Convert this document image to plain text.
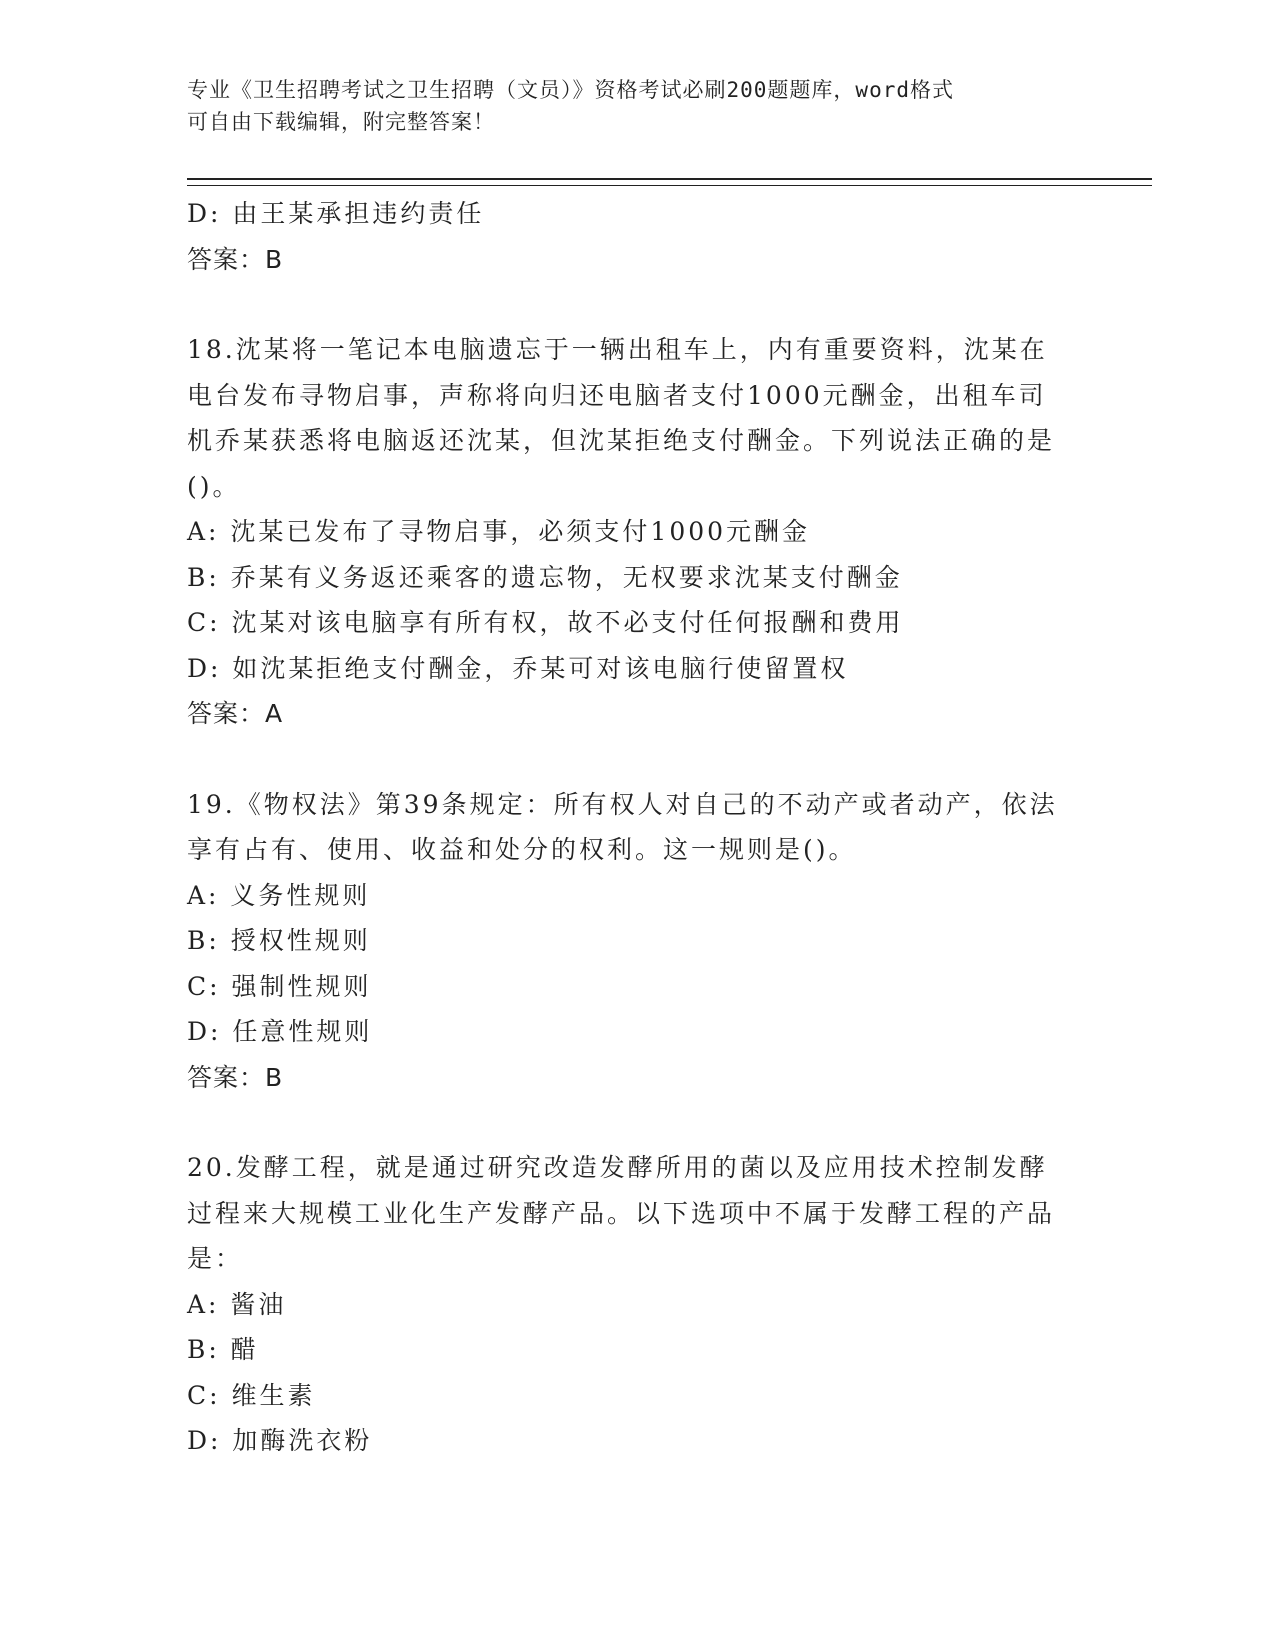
专业《卫生招聘考试之卫生招聘（文员）》资格考试必刷200题题库，word格式
可自由下载编辑，附完整答案！
D: 由王某承担违约责任
答案：B
18.沈某将一笔记本电脑遗忘于一辆出租车上，内有重要资料，沈某在电台发布寻物启事，声称将向归还电脑者支付1000元酬金，出租车司机乔某获悉将电脑返还沈某，但沈某拒绝支付酬金。下列说法正确的是()。
A: 沈某已发布了寻物启事，必须支付1000元酬金
B: 乔某有义务返还乘客的遗忘物，无权要求沈某支付酬金
C: 沈某对该电脑享有所有权，故不必支付任何报酬和费用
D: 如沈某拒绝支付酬金，乔某可对该电脑行使留置权
答案：A
19.《物权法》第39条规定：所有权人对自己的不动产或者动产，依法享有占有、使用、收益和处分的权利。这一规则是()。
A: 义务性规则
B: 授权性规则
C: 强制性规则
D: 任意性规则
答案：B
20.发酵工程，就是通过研究改造发酵所用的菌以及应用技术控制发酵过程来大规模工业化生产发酵产品。以下选项中不属于发酵工程的产品是：
A: 酱油
B: 醋
C: 维生素
D: 加酶洗衣粉
